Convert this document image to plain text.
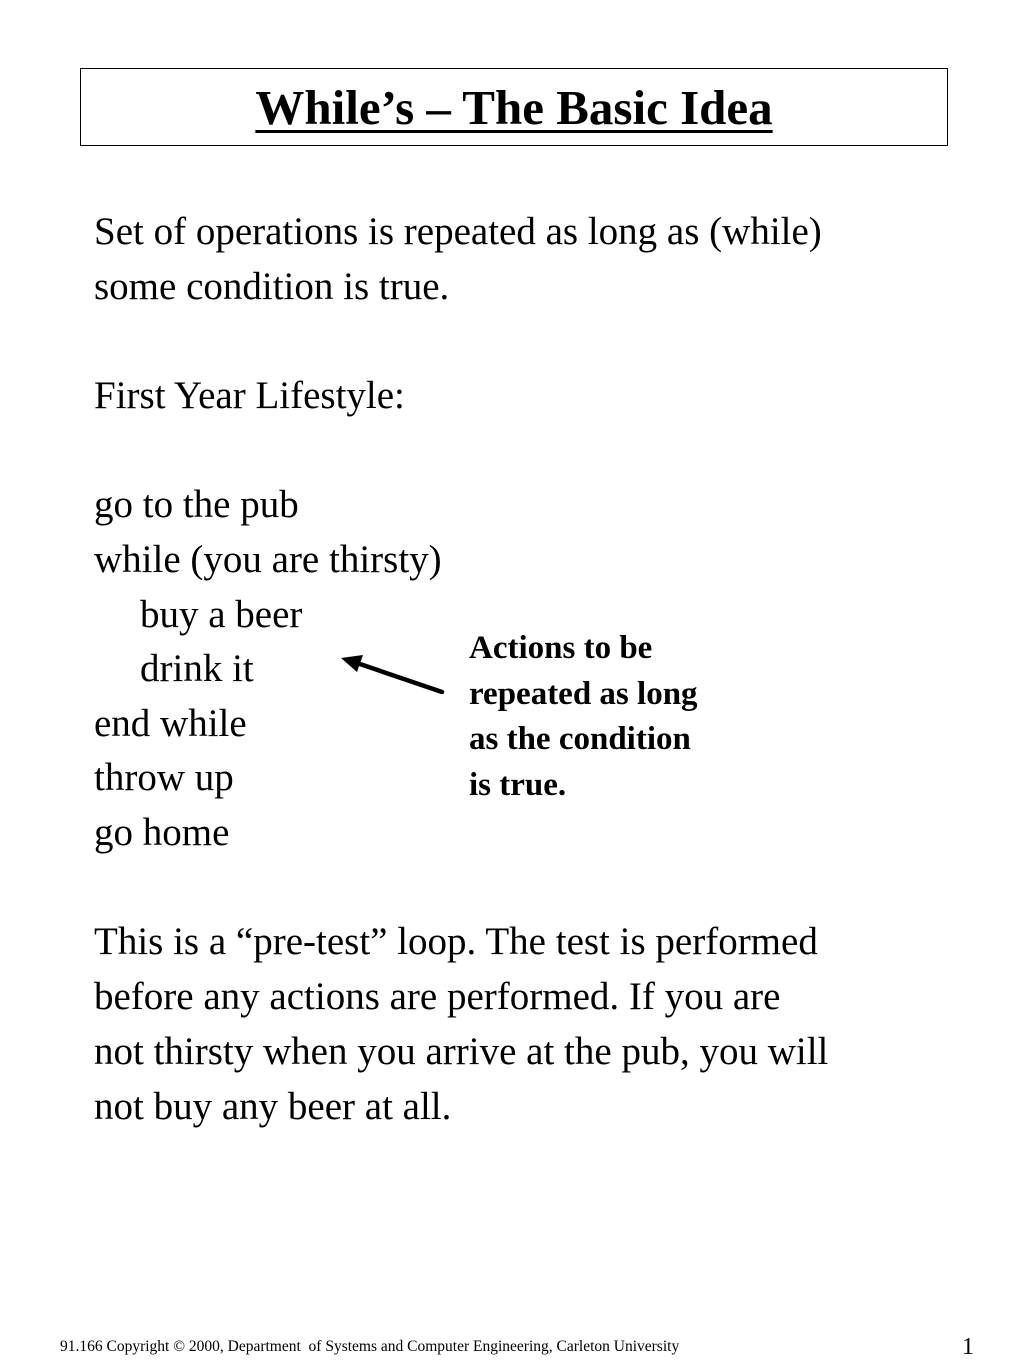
While’s – The Basic Idea
Set of operations is repeated as long as (while)
some condition is true.
First Year Lifestyle:
go to the pub
while (you are thirsty)
buy a beer
drink it
end while
throw up
go home
Actions to be
repeated as long
as the condition
is true.
This is a “pre-test” loop. The test is performed
before any actions are performed. If you are
not thirsty when you arrive at the pub, you will
not buy any beer at all.
91.166 Copyright © 2000, Department  of Systems and Computer Engineering, Carleton University	1
